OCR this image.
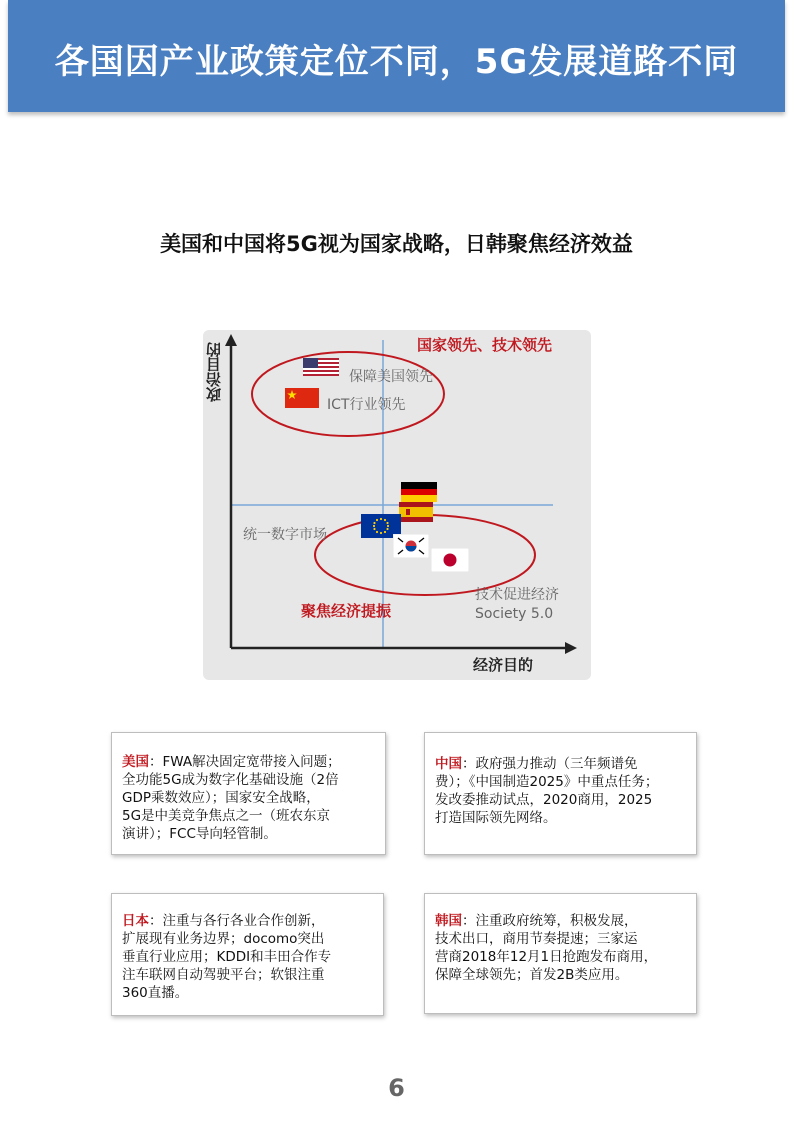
各国因产业政策定位不同，5G发展道路不同
美国和中国将5G视为国家战略，日韩聚焦经济效益
政治目的
经济目的
国家领先、技术领先
聚焦经济提振
保障美国领先
ICT行业领先
统一数字市场
技术促进经济
Society 5.0
美国：FWA解决固定宽带接入问题；
全功能5G成为数字化基础设施（2倍
GDP乘数效应）；国家安全战略，
5G是中美竞争焦点之一（班农东京
演讲）；FCC导向轻管制。
中国：政府强力推动（三年频谱免
费）；《中国制造2025》中重点任务；
发改委推动试点，2020商用，2025
打造国际领先网络。
日本：注重与各行各业合作创新，
扩展现有业务边界；docomo突出
垂直行业应用；KDDI和丰田合作专
注车联网自动驾驶平台；软银注重
360直播。
韩国：注重政府统筹，积极发展，
技术出口，商用节奏提速；三家运
营商2018年12月1日抢跑发布商用，
保障全球领先；首发2B类应用。
6
